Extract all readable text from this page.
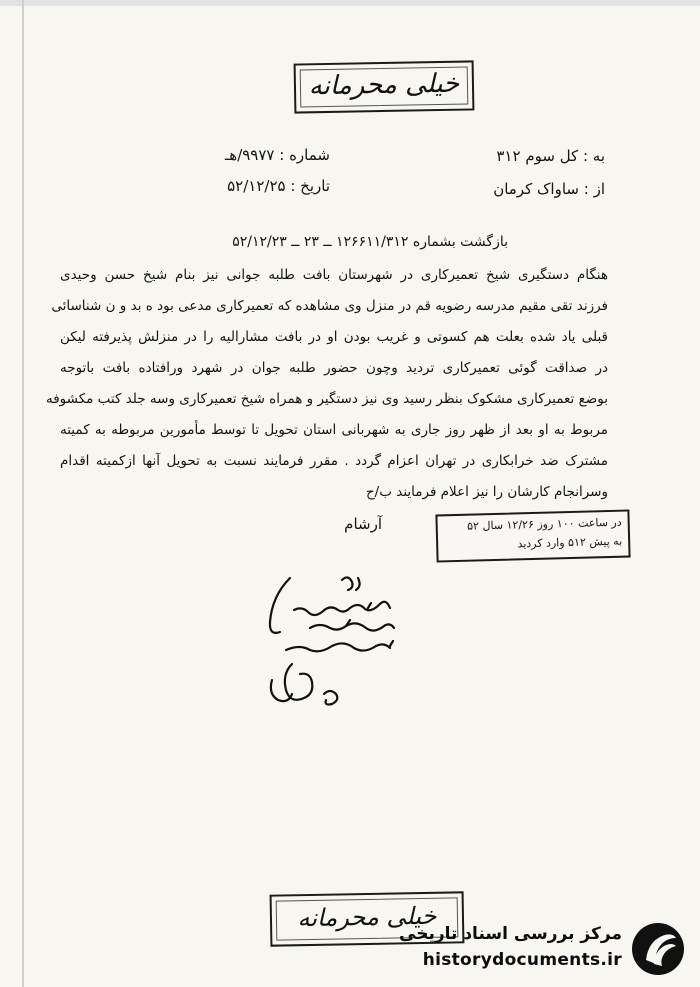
خیلی محرمانه
به : کل سوم ۳۱۲
از : ساواک کرمان
شماره : ۹۹۷۷/هـ
تاریخ : ۵۲/۱۲/۲۵
بازگشت بشماره ۱۲۶۶۱۱/۳۱۲ ــ ۲۳ ــ ۵۲/۱۲/۲۳
هنگام دستگیری شیخ تعمیرکاری در شهرستان بافت طلبه جوانی نیز بنام شیخ حسن وحیدی
فرزند تقی مقیم مدرسه رضویه قم در منزل وی مشاهده که تعمیرکاری مدعی بود ه بد و ن شناسائی
قبلی یاد شده بعلت هم کسوتی و غریب بودن او در بافت مشارالیه را در منزلش پذیرفته لیکن
در صداقت گوئی تعمیرکاری تردید وچون حضور طلبه جوان در شهرد ورافتاده بافت باتوجه
بوضع تعمیرکاری مشکوک بنظر رسید وی نیز دستگیر و همراه شیخ تعمیرکاری وسه جلد کتب مکشوفه
مربوط به او بعد از ظهر روز جاری به شهربانی استان تحویل تا توسط مأمورین مربوطه به کمیته
مشترک ضد خرابکاری در تهران اعزام گردد . مقرر فرمایند نسبت به تحویل آنها ازکمیته اقدام
وسرانجام کارشان را نیز اعلام فرمایند ب/ح
آرشام	در ساعت ۱۰۰ روز ۱۲/۲۶ سال ۵۲
به پیش ۵۱۲ وارد کردید
خیلی محرمانه
مرکز بررسی اسناد تاریخی
historydocuments.ir
